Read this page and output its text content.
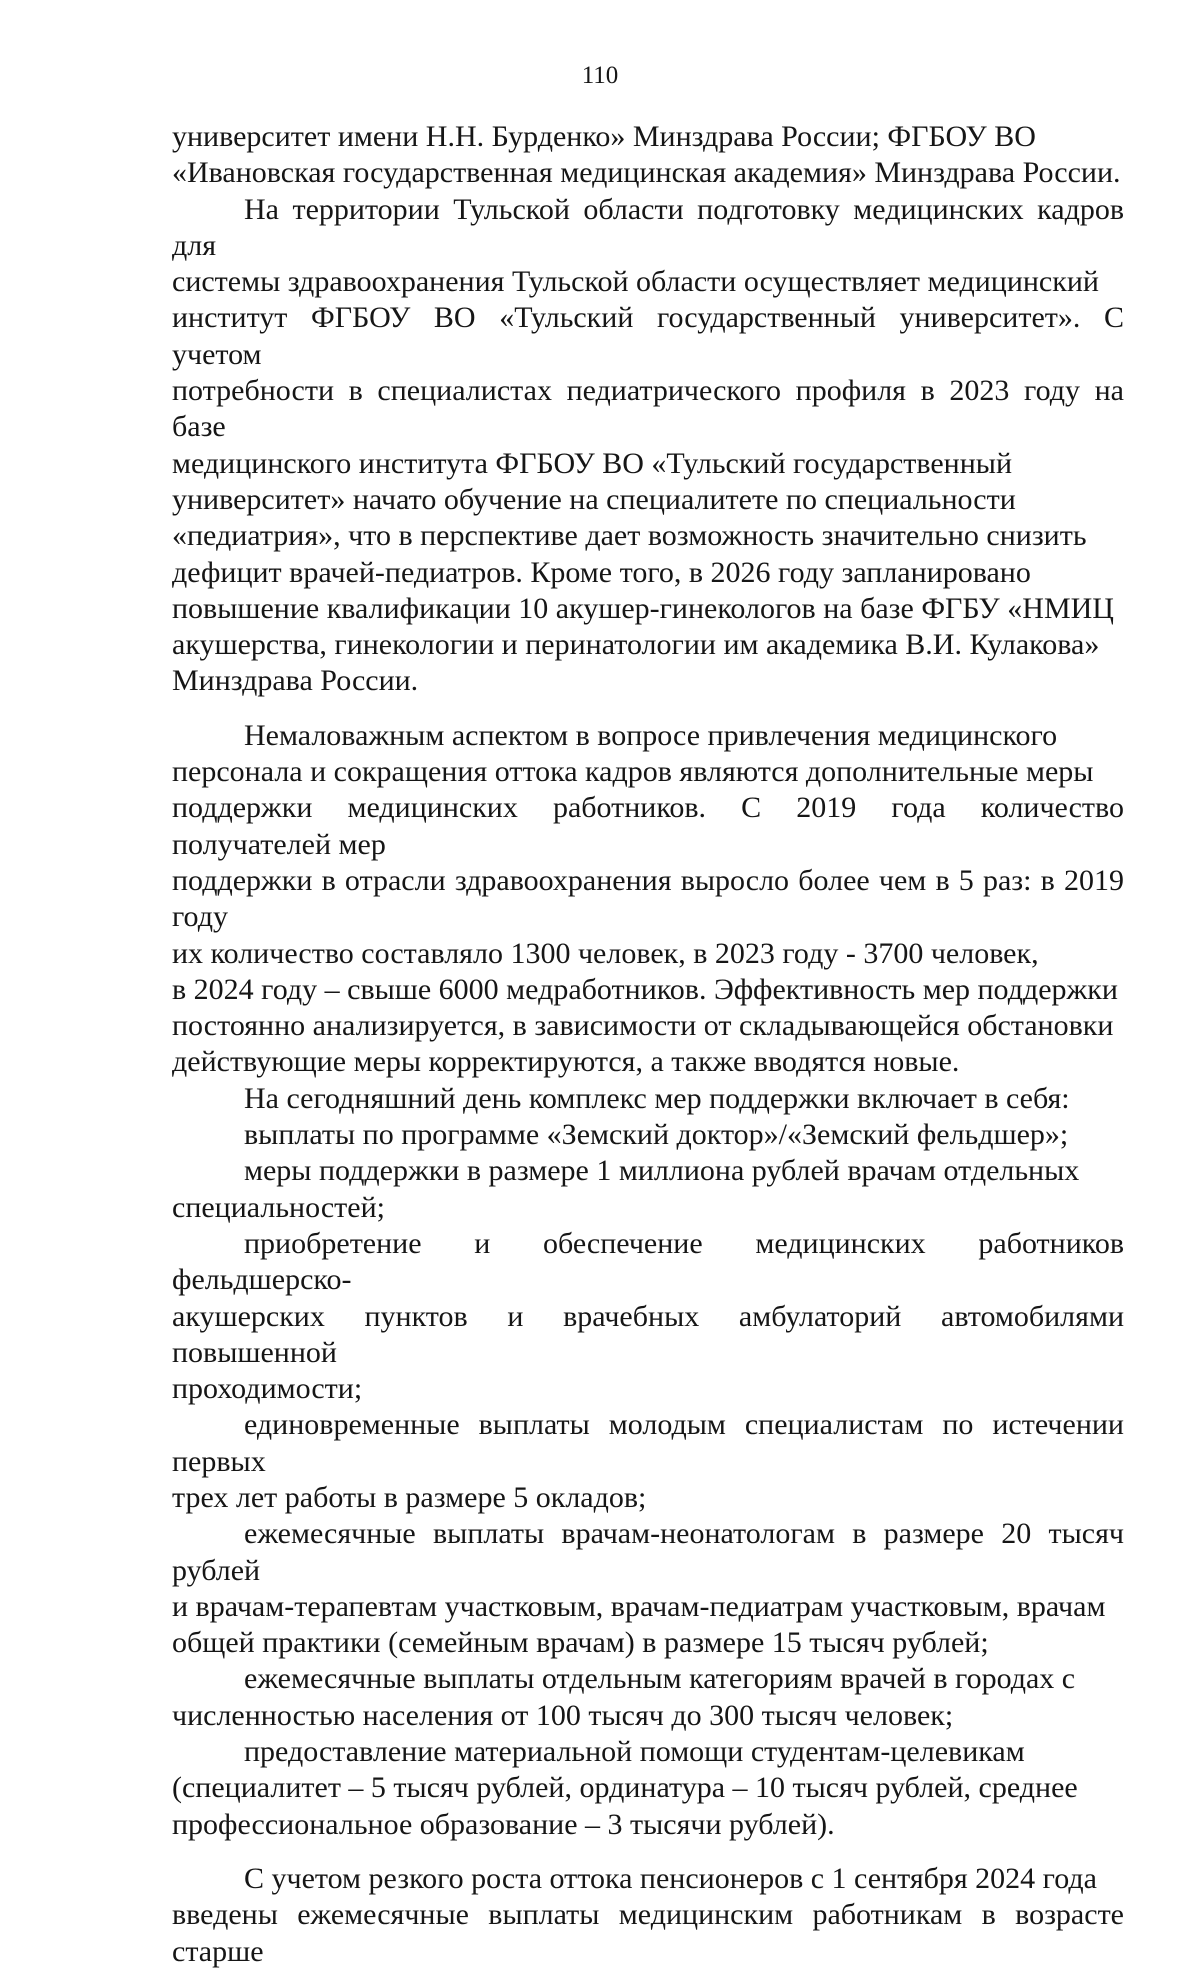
110

университет имени Н.Н. Бурденко» Минздрава России; ФГБОУ ВО
«Ивановская государственная медицинская академия» Минздрава России.

На территории Тульской области подготовку медицинских кадров для
системы здравоохранения Тульской области осуществляет медицинский
институт ФГБОУ ВО «Тульский государственный университет». С учетом
потребности в специалистах педиатрического профиля в 2023 году на базе
медицинского института ФГБОУ ВО «Тульский государственный
университет» начато обучение на специалитете по специальности
«педиатрия», что в перспективе дает возможность значительно снизить
дефицит врачей-педиатров. Кроме того, в 2026 году запланировано
повышение квалификации 10 акушер-гинекологов на базе ФГБУ «НМИЦ
акушерства, гинекологии и перинатологии им академика В.И. Кулакова»
Минздрава России.

Немаловажным аспектом в вопросе привлечения медицинского
персонала и сокращения оттока кадров являются дополнительные меры
поддержки медицинских работников. С 2019 года количество получателей мер
поддержки в отрасли здравоохранения выросло более чем в 5 раз: в 2019 году
их количество составляло 1300 человек, в 2023 году - 3700 человек,
в 2024 году – свыше 6000 медработников. Эффективность мер поддержки
постоянно анализируется, в зависимости от складывающейся обстановки
действующие меры корректируются, а также вводятся новые.

На сегодняшний день комплекс мер поддержки включает в себя:

выплаты по программе «Земский доктор»/«Земский фельдшер»;

меры поддержки в размере 1 миллиона рублей врачам отдельных
специальностей;

приобретение и обеспечение медицинских работников фельдшерско-
акушерских пунктов и врачебных амбулаторий автомобилями повышенной
проходимости;

единовременные выплаты молодым специалистам по истечении первых
трех лет работы в размере 5 окладов;

ежемесячные выплаты врачам-неонатологам в размере 20 тысяч рублей
и врачам-терапевтам участковым, врачам-педиатрам участковым, врачам
общей практики (семейным врачам) в размере 15 тысяч рублей;

ежемесячные выплаты отдельным категориям врачей в городах с
численностью населения от 100 тысяч до 300 тысяч человек;

предоставление материальной помощи студентам-целевикам
(специалитет – 5 тысяч рублей, ординатура – 10 тысяч рублей, среднее
профессиональное образование – 3 тысячи рублей).

С учетом резкого роста оттока пенсионеров с 1 сентября 2024 года
введены ежемесячные выплаты медицинским работникам в возрасте старше
